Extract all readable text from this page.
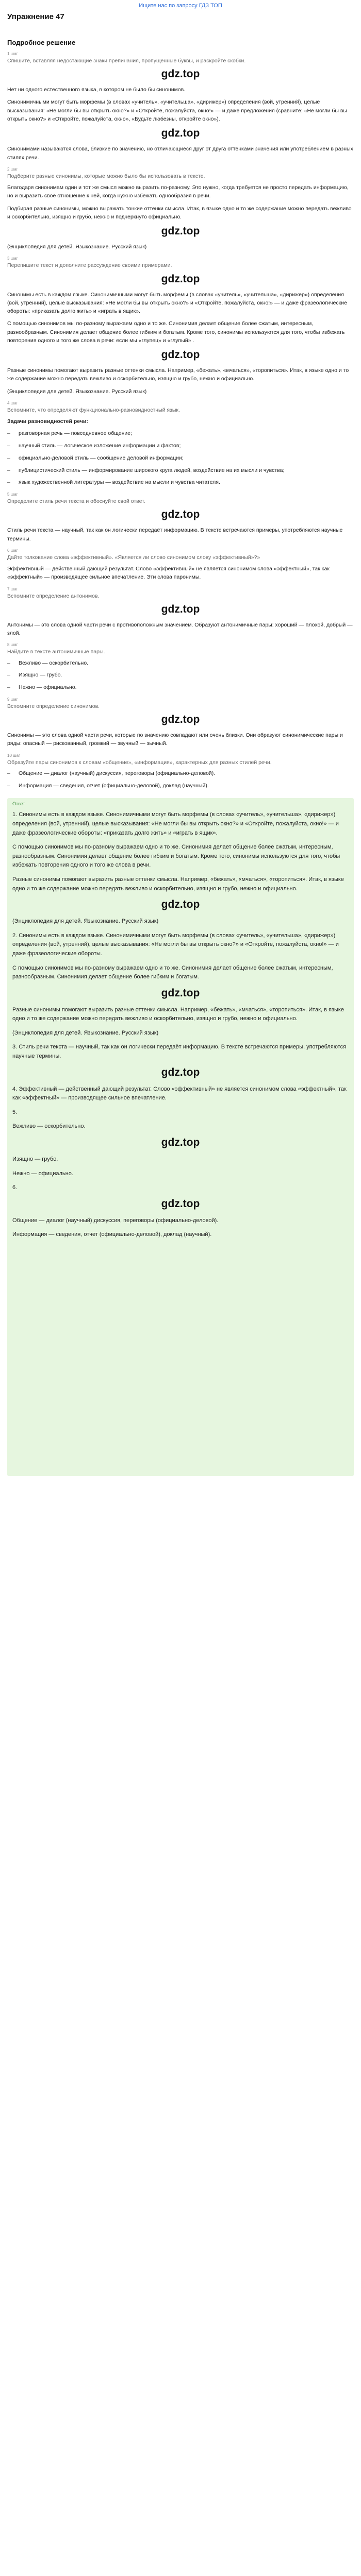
Ищите нас по запросу ГДЗ ТОП
Упражнение 47
Подробное решение
1 шаг
Спишите, вставляя недостающие знаки препинания, пропущенные буквы, и раскройте скобки.
gdz.top
Нет ни одного естественного языка, в котором не было бы синонимов.
Синонимичными могут быть морфемы (в словах «учитель», «учительша», «дирижер») определения (вой, утренний), целые высказывания: «Не могли бы вы открыть окно?» и «Откройте, пожалуйста, окно!» — и даже предложения (сравните: «Не могли бы вы открыть окно?» и «Откройте, пожалуйста, окно», «Будьте любезны, откройте окно»).
gdz.top
Синонимами называются слова, близкие по значению, но отличающиеся друг от друга оттенками значения или употреблением в разных стилях речи.
2 шаг
Подберите разные синонимы, которые можно было бы использовать в тексте.
Благодаря синонимам один и тот же смысл можно выразить по-разному. Это нужно, когда требуется не просто передать информацию, но и выразить своё отношение к ней, когда нужно избежать однообразия в речи.
Подбирая разные синонимы, можно выражать тонкие оттенки смысла. Итак, в языке одно и то же содержание можно передать вежливо и оскорбительно, изящно и грубо, нежно и подчеркнуто официально.
gdz.top
(Энциклопедия для детей. Языкознание. Русский язык)
3 шаг
Перепишите текст и дополните рассуждение своими примерами.
gdz.top
Синонимы есть в каждом языке. Синонимичными могут быть морфемы (в словах «учитель», «учительша», «дирижер») определения (вой, утренний), целые высказывания: «Не могли бы вы открыть окно?» и «Откройте, пожалуйста, окно!» — и даже фразеологические обороты: «приказать долго жить» и «играть в ящик».
С помощью синонимов мы по-разному выражаем одно и то же. Синонимия делает общение более сжатым, интересным, разнообразным. Синонимия делает общение более гибким и богатым. Кроме того, синонимы используются для того, чтобы избежать повторения одного и того же слова в речи: если мы «глупец» и «глупый» .
gdz.top
Разные синонимы помогают выразить разные оттенки смысла. Например, «бежать», «мчаться», «торопиться». Итак, в языке одно и то же содержание можно передать вежливо и оскорбительно, изящно и грубо, нежно и официально.
(Энциклопедия для детей. Языкознание. Русский язык)
4 шаг
Вспомните, что определяют функционально-разновидностный язык.
Задачи разновидностей речи:
–	разговорная речь — повседневное общение;
–	научный стиль — логическое изложение информации и фактов;
–	официально-деловой стиль — сообщение деловой информации;
–	публицистический стиль — информирование широкого круга людей, воздействие на их мысли и чувства;
–	язык художественной литературы — воздействие на мысли и чувства читателя.
5 шаг
Определите стиль речи текста и обоснуйте свой ответ.
gdz.top
Стиль речи текста — научный, так как он логически передаёт информацию. В тексте встречаются примеры, употребляются научные термины.
6 шаг
Дайте толкование слова «эффективный». «Является ли слово синонимом слову «эффективный»?»
Эффективный — действенный дающий результат. Слово «эффективный» не является синонимом слова «эффектный», так как «эффектный» — производящее сильное впечатление. Эти слова паронимы.
7 шаг
Вспомните определение антонимов.
gdz.top
Антонимы — это слова одной части речи с противоположным значением. Образуют антонимичные пары: хороший — плохой, добрый — злой.
8 шаг
Найдите в тексте антонимичные пары.
–	Вежливо — оскорбительно.
–	Изящно — грубо.
–	Нежно — официально.
9 шаг
Вспомните определение синонимов.
gdz.top
Синонимы — это слова одной части речи, которые по значению совпадают или очень близки. Они образуют синонимические пары и ряды: опасный — рискованный, громкий — звучный — зычный.
10 шаг
Образуйте пары синонимов к словам «общение», «информация», характерных для разных стилей речи.
–	Общение — диалог (научный) дискуссия, переговоры (официально-деловой).
–	Информация — сведения, отчет (официально-деловой), доклад (научный).
Ответ
1. Синонимы есть в каждом языке. Синонимичными могут быть морфемы (в словах «учитель», «учительша», «дирижер») определения (вой, утренний), целые высказывания: «Не могли бы вы открыть окно?» и «Откройте, пожалуйста, окно!» — и даже фразеологические обороты: «приказать долго жить» и «играть в ящик».
С помощью синонимов мы по-разному выражаем одно и то же. Синонимия делает общение более сжатым, интересным, разнообразным. Синонимия делает общение более гибким и богатым. Кроме того, синонимы используются для того, чтобы избежать повторения одного и того же слова в речи.
Разные синонимы помогают выразить разные оттенки смысла. Например, «бежать», «мчаться», «торопиться». Итак, в языке одно и то же содержание можно передать вежливо и оскорбительно, изящно и грубо, нежно и официально.
gdz.top
(Энциклопедия для детей. Языкознание. Русский язык)
2. Синонимы есть в каждом языке. Синонимичными могут быть морфемы (в словах «учитель», «учительша», «дирижер») определения (вой, утренний), целые высказывания: «Не могли бы вы открыть окно?» и «Откройте, пожалуйста, окно!» — и даже фразеологические обороты.
С помощью синонимов мы по-разному выражаем одно и то же. Синонимия делает общение более сжатым, интересным, разнообразным. Синонимия делает общение более гибким и богатым.
gdz.top
Разные синонимы помогают выразить разные оттенки смысла. Например, «бежать», «мчаться», «торопиться». Итак, в языке одно и то же содержание можно передать вежливо и оскорбительно, изящно и грубо, нежно и официально.
(Энциклопедия для детей. Языкознание. Русский язык)
3. Стиль речи текста — научный, так как он логически передаёт информацию. В тексте встречаются примеры, употребляются научные термины.
gdz.top
4. Эффективный — действенный дающий результат. Слово «эффективный» не является синонимом слова «эффектный», так как «эффектный» — производящее сильное впечатление.
5.
Вежливо — оскорбительно.
gdz.top
Изящно — грубо.
Нежно — официально.
6.
gdz.top
Общение — диалог (научный) дискуссия, переговоры (официально-деловой).
Информация — сведения, отчет (официально-деловой), доклад (научный).
